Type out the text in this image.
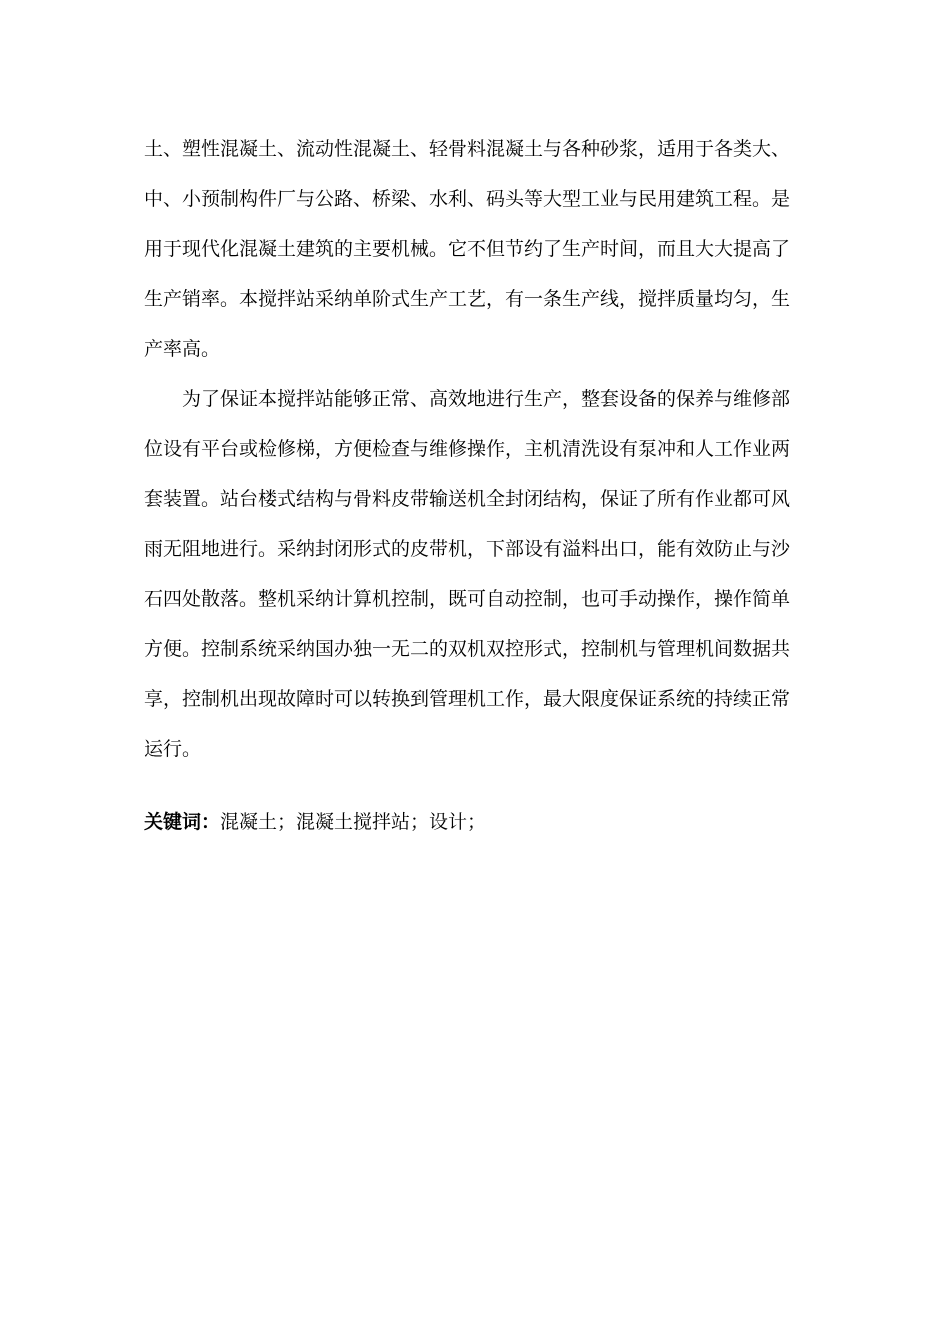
土、塑性混凝土、流动性混凝土、轻骨料混凝土与各种砂浆，适用于各类大、
中、小预制构件厂与公路、桥梁、水利、码头等大型工业与民用建筑工程。是
用于现代化混凝土建筑的主要机械。它不但节约了生产时间，而且大大提高了
生产销率。本搅拌站采纳单阶式生产工艺，有一条生产线，搅拌质量均匀，生
产率高。
为了保证本搅拌站能够正常、高效地进行生产，整套设备的保养与维修部
位设有平台或检修梯，方便检查与维修操作，主机清洗设有泵冲和人工作业两
套装置。站台楼式结构与骨料皮带输送机全封闭结构，保证了所有作业都可风
雨无阻地进行。采纳封闭形式的皮带机，下部设有溢料出口，能有效防止与沙
石四处散落。整机采纳计算机控制，既可自动控制，也可手动操作，操作简单
方便。控制系统采纳国办独一无二的双机双控形式，控制机与管理机间数据共
享，控制机出现故障时可以转换到管理机工作，最大限度保证系统的持续正常
运行。
关键词：混凝土；混凝土搅拌站；设计；
